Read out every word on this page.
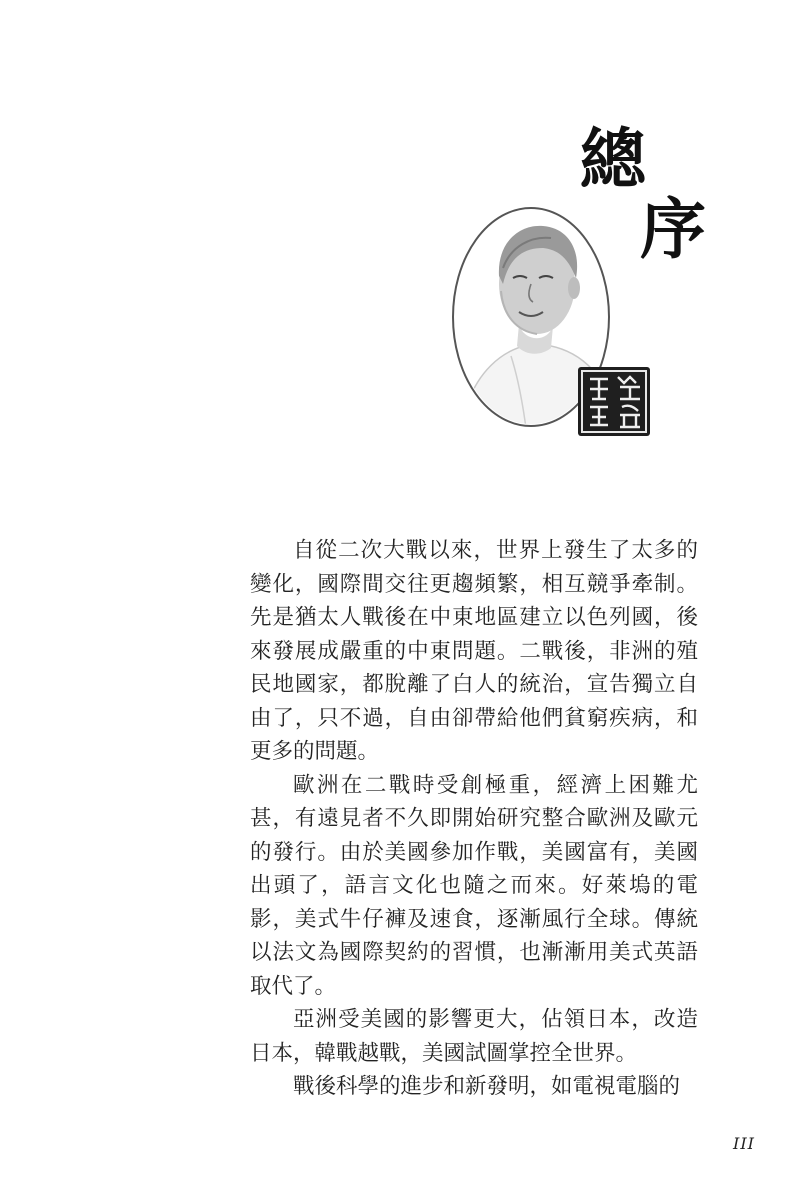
總
序

自從二次大戰以來，世界上發生了太多的變化，國際間交往更趨頻繁，相互競爭牽制。先是猶太人戰後在中東地區建立以色列國，後來發展成嚴重的中東問題。二戰後，非洲的殖民地國家，都脫離了白人的統治，宣告獨立自由了，只不過，自由卻帶給他們貧窮疾病，和更多的問題。

歐洲在二戰時受創極重，經濟上困難尤甚，有遠見者不久即開始研究整合歐洲及歐元的發行。由於美國參加作戰，美國富有，美國出頭了，語言文化也隨之而來。好萊塢的電影，美式牛仔褲及速食，逐漸風行全球。傳統以法文為國際契約的習慣，也漸漸用美式英語取代了。

亞洲受美國的影響更大，佔領日本，改造日本，韓戰越戰，美國試圖掌控全世界。

戰後科學的進步和新發明，如電視電腦的

III
